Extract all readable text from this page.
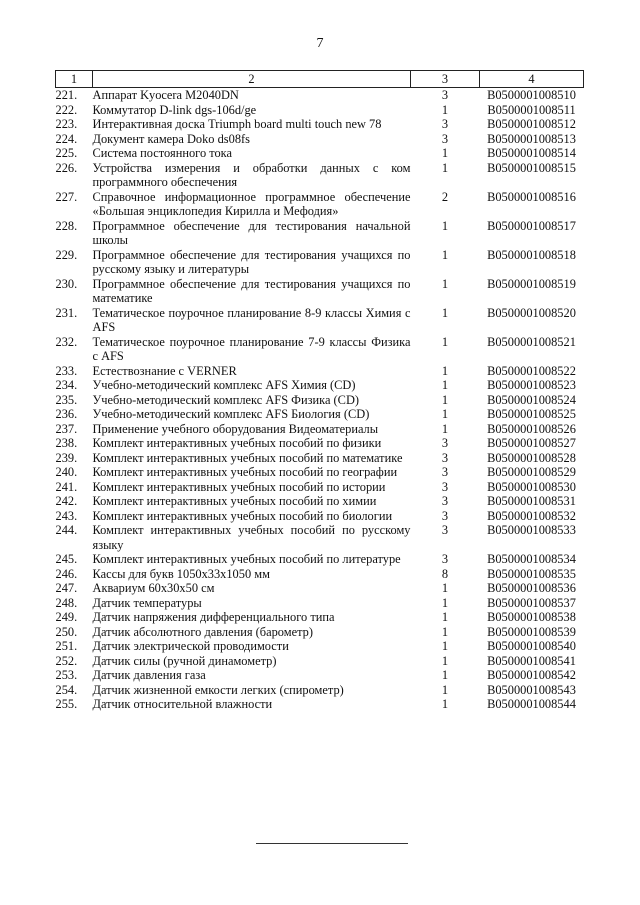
7
1	2	3	4
221.	Аппарат Kyocera M2040DN	3	B0500001008510
222.	Коммутатор D-link dgs-106d/ge	1	B0500001008511
223.	Интерактивная доска Triumph board multi touch new 78	3	B0500001008512
224.	Документ камера Doko ds08fs	3	B0500001008513
225.	Система постоянного тока	1	B0500001008514
226.	Устройства измерения и обработки данных с ком программного обеспечения	1	B0500001008515
227.	Справочное информационное программное обеспечение «Большая энциклопедия Кирилла и Мефодия»	2	B0500001008516
228.	Программное обеспечение для тестирования начальной школы	1	B0500001008517
229.	Программное обеспечение для тестирования учащихся по русскому языку и литературы	1	B0500001008518
230.	Программное обеспечение для тестирования учащихся по математике	1	B0500001008519
231.	Тематическое поурочное планирование 8-9 классы Химия с AFS	1	B0500001008520
232.	Тематическое поурочное планирование 7-9 классы Физика с AFS	1	B0500001008521
233.	Естествознание с VERNER	1	B0500001008522
234.	Учебно-методический комплекс AFS Химия (CD)	1	B0500001008523
235.	Учебно-методический комплекс AFS Физика (CD)	1	B0500001008524
236.	Учебно-методический комплекс AFS Биология (CD)	1	B0500001008525
237.	Применение учебного оборудования Видеоматериалы	1	B0500001008526
238.	Комплект интерактивных учебных пособий по физики	3	B0500001008527
239.	Комплект интерактивных учебных пособий по математике	3	B0500001008528
240.	Комплект интерактивных учебных пособий по географии	3	B0500001008529
241.	Комплект интерактивных учебных пособий по истории	3	B0500001008530
242.	Комплект интерактивных учебных пособий по химии	3	B0500001008531
243.	Комплект интерактивных учебных пособий по биологии	3	B0500001008532
244.	Комплект интерактивных учебных пособий по русскому языку	3	B0500001008533
245.	Комплект интерактивных учебных пособий по литературе	3	B0500001008534
246.	Кассы для букв 1050x33x1050 мм	8	B0500001008535
247.	Аквариум 60x30x50 см	1	B0500001008536
248.	Датчик температуры	1	B0500001008537
249.	Датчик напряжения дифференциального типа	1	B0500001008538
250.	Датчик абсолютного давления (барометр)	1	B0500001008539
251.	Датчик электрической проводимости	1	B0500001008540
252.	Датчик силы (ручной динамометр)	1	B0500001008541
253.	Датчик давления газа	1	B0500001008542
254.	Датчик жизненной емкости легких (спирометр)	1	B0500001008543
255.	Датчик относительной влажности	1	B0500001008544
